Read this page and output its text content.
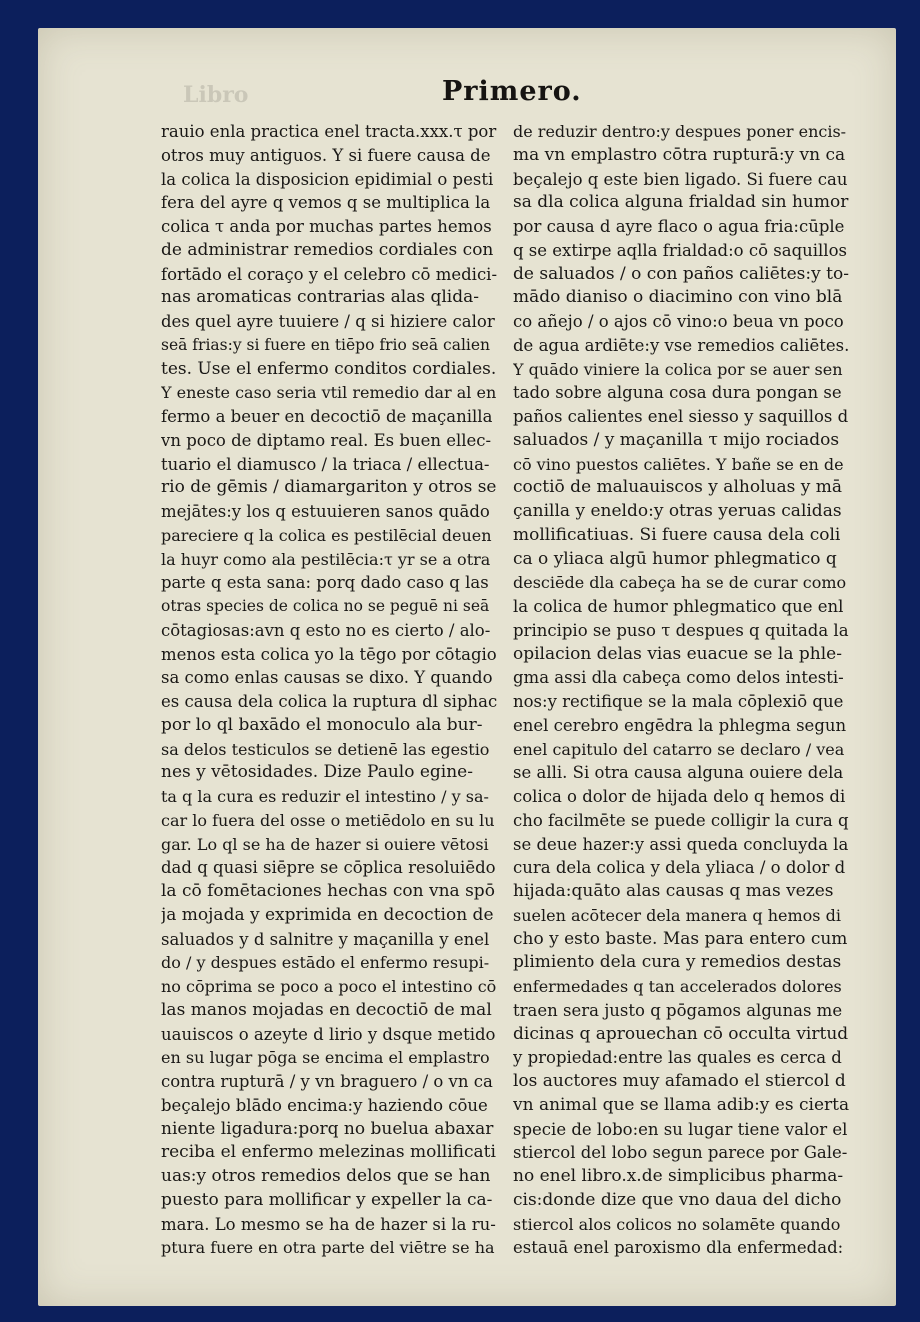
Libro	Primero.
rauio enla practica enel tracta.xxx.τ por
otros muy antiguos. Y si fuere causa de
la colica la disposicion epidimial o pesti
fera del ayre q vemos q se multiplica la
colica τ anda por muchas partes hemos
de administrar remedios cordiales con
fortādo el coraço y el celebro cō medici-
nas aromaticas contrarias alas qlida-
des quel ayre tuuiere / q si hiziere calor
seā frias:y si fuere en tiēpo frio seā calien
tes. Use el enfermo conditos cordiales.
Y eneste caso seria vtil remedio dar al en
fermo a beuer en decoctiō de maçanilla
vn poco de diptamo real. Es buen ellec-
tuario el diamusco / la triaca / ellectua-
rio de gēmis / diamargariton y otros se
mejātes:y los q estuuieren sanos quādo
pareciere q la colica es pestilēcial deuen
la huyr como ala pestilēcia:τ yr se a otra
parte q esta sana: porq dado caso q las
otras species de colica no se peguē ni seā
cōtagiosas:avn q esto no es cierto / alo-
menos esta colica yo la tēgo por cōtagio
sa como enlas causas se dixo. Y quando
es causa dela colica la ruptura dl siphac
por lo ql baxādo el monoculo ala bur-
sa delos testiculos se detienē las egestio
nes y vētosidades. Dize Paulo egine-
ta q la cura es reduzir el intestino / y sa-
car lo fuera del osse o metiēdolo en su lu
gar. Lo ql se ha de hazer si ouiere vētosi
dad q quasi siēpre se cōplica resoluiēdo
la cō fomētaciones hechas con vna spō
ja mojada y exprimida en decoction de
saluados y d salnitre y maçanilla y enel
do / y despues estādo el enfermo resupi-
no cōprima se poco a poco el intestino cō
las manos mojadas en decoctiō de mal
uauiscos o azeyte d lirio y dsque metido
en su lugar pōga se encima el emplastro
contra rupturā / y vn braguero / o vn ca
beçalejo blādo encima:y haziendo cōue
niente ligadura:porq no buelua abaxar
reciba el enfermo melezinas mollificati
uas:y otros remedios delos que se han
puesto para mollificar y expeller la ca-
mara. Lo mesmo se ha de hazer si la ru-
ptura fuere en otra parte del viētre se ha
de reduzir dentro:y despues poner encis-
ma vn emplastro cōtra rupturā:y vn ca
beçalejo q este bien ligado. Si fuere cau
sa dla colica alguna frialdad sin humor
por causa d ayre flaco o agua fria:cūple
q se extirpe aqlla frialdad:o cō saquillos
de saluados / o con paños caliētes:y to-
mādo dianiso o diacimino con vino blā
co añejo / o ajos cō vino:o beua vn poco
de agua ardiēte:y vse remedios caliētes.
Y quādo viniere la colica por se auer sen
tado sobre alguna cosa dura pongan se
paños calientes enel siesso y saquillos d
saluados / y maçanilla τ mijo rociados
cō vino puestos caliētes. Y bañe se en de
coctiō de maluauiscos y alholuas y mā
çanilla y eneldo:y otras yeruas calidas
mollificatiuas. Si fuere causa dela coli
ca o yliaca algū humor phlegmatico q
desciēde dla cabeça ha se de curar como
la colica de humor phlegmatico que enl
principio se puso τ despues q quitada la
opilacion delas vias euacue se la phle-
gma assi dla cabeça como delos intesti-
nos:y rectifique se la mala cōplexiō que
enel cerebro engēdra la phlegma segun
enel capitulo del catarro se declaro / vea
se alli. Si otra causa alguna ouiere dela
colica o dolor de hijada delo q hemos di
cho facilmēte se puede colligir la cura q
se deue hazer:y assi queda concluyda la
cura dela colica y dela yliaca / o dolor d
hijada:quāto alas causas q mas vezes
suelen acōtecer dela manera q hemos di
cho y esto baste. Mas para entero cum
plimiento dela cura y remedios destas
enfermedades q tan accelerados dolores
traen sera justo q pōgamos algunas me
dicinas q aprouechan cō occulta virtud
y propiedad:entre las quales es cerca d
los auctores muy afamado el stiercol d
vn animal que se llama adib:y es cierta
specie de lobo:en su lugar tiene valor el
stiercol del lobo segun parece por Gale-
no enel libro.x.de simplicibus pharma-
cis:donde dize que vno daua del dicho
stiercol alos colicos no solamēte quando
estauā enel paroxismo dla enfermedad:
